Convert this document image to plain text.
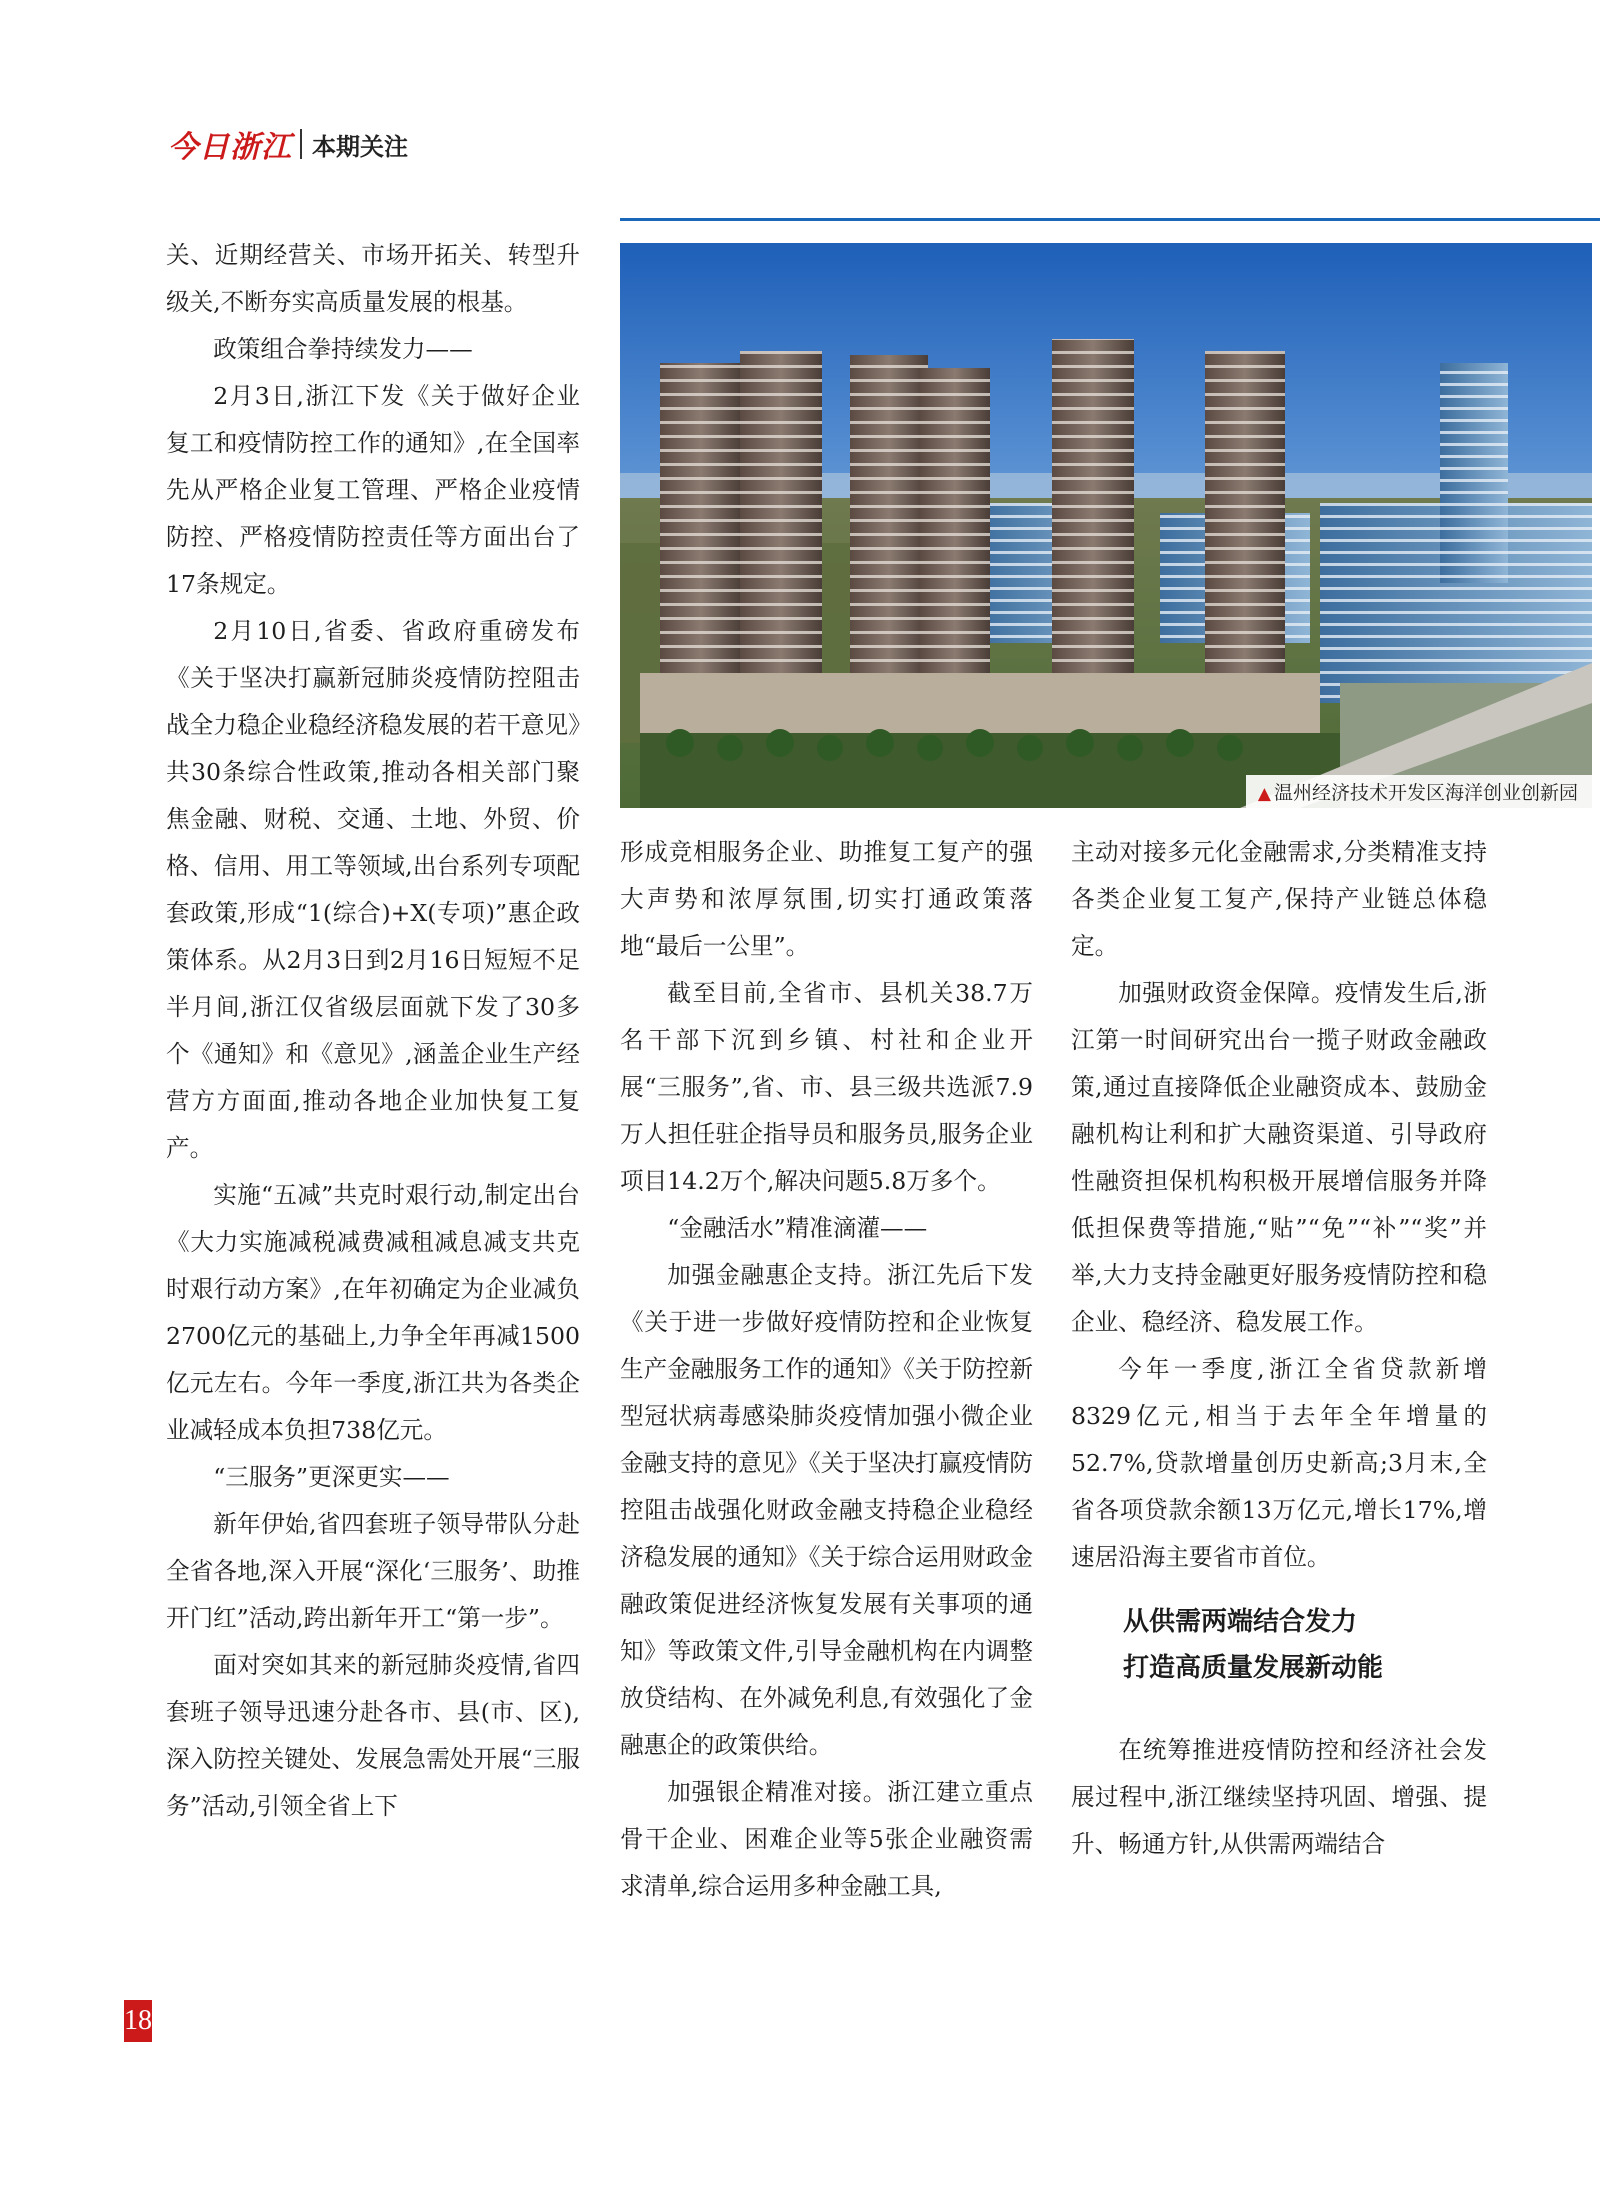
今日浙江 本期关注
▲ 温州经济技术开发区海洋创业创新园

关、近期经营关、市场开拓关、转型升级关,不断夯实高质量发展的根基。

政策组合拳持续发力——

2月3日,浙江下发《关于做好企业复工和疫情防控工作的通知》,在全国率先从严格企业复工管理、严格企业疫情防控、严格疫情防控责任等方面出台了17条规定。

2月10日,省委、省政府重磅发布《关于坚决打赢新冠肺炎疫情防控阻击战全力稳企业稳经济稳发展的若干意见》共30条综合性政策,推动各相关部门聚焦金融、财税、交通、土地、外贸、价格、信用、用工等领域,出台系列专项配套政策,形成“1(综合)+X(专项)”惠企政策体系。从2月3日到2月16日短短不足半月间,浙江仅省级层面就下发了30多个《通知》和《意见》,涵盖企业生产经营方方面面,推动各地企业加快复工复产。

实施“五减”共克时艰行动,制定出台《大力实施减税减费减租减息减支共克时艰行动方案》,在年初确定为企业减负2700亿元的基础上,力争全年再减1500亿元左右。今年一季度,浙江共为各类企业减轻成本负担738亿元。

“三服务”更深更实——

新年伊始,省四套班子领导带队分赴全省各地,深入开展“深化‘三服务’、助推开门红”活动,跨出新年开工“第一步”。

面对突如其来的新冠肺炎疫情,省四套班子领导迅速分赴各市、县(市、区),深入防控关键处、发展急需处开展“三服务”活动,引领全省上下

形成竞相服务企业、助推复工复产的强大声势和浓厚氛围,切实打通政策落地“最后一公里”。

截至目前,全省市、县机关38.7万名干部下沉到乡镇、村社和企业开展“三服务”,省、市、县三级共选派7.9万人担任驻企指导员和服务员,服务企业项目14.2万个,解决问题5.8万多个。

“金融活水”精准滴灌——

加强金融惠企支持。浙江先后下发《关于进一步做好疫情防控和企业恢复生产金融服务工作的通知》《关于防控新型冠状病毒感染肺炎疫情加强小微企业金融支持的意见》《关于坚决打赢疫情防控阻击战强化财政金融支持稳企业稳经济稳发展的通知》《关于综合运用财政金融政策促进经济恢复发展有关事项的通知》等政策文件,引导金融机构在内调整放贷结构、在外减免利息,有效强化了金融惠企的政策供给。

加强银企精准对接。浙江建立重点骨干企业、困难企业等5张企业融资需求清单,综合运用多种金融工具,

主动对接多元化金融需求,分类精准支持各类企业复工复产,保持产业链总体稳定。

加强财政资金保障。疫情发生后,浙江第一时间研究出台一揽子财政金融政策,通过直接降低企业融资成本、鼓励金融机构让利和扩大融资渠道、引导政府性融资担保机构积极开展增信服务并降低担保费等措施,“贴”“免”“补”“奖”并举,大力支持金融更好服务疫情防控和稳企业、稳经济、稳发展工作。

今年一季度,浙江全省贷款新增8329亿元,相当于去年全年增量的52.7%,贷款增量创历史新高;3月末,全省各项贷款余额13万亿元,增长17%,增速居沿海主要省市首位。

从供需两端结合发力

打造高质量发展新动能

在统筹推进疫情防控和经济社会发展过程中,浙江继续坚持巩固、增强、提升、畅通方针,从供需两端结合

18
